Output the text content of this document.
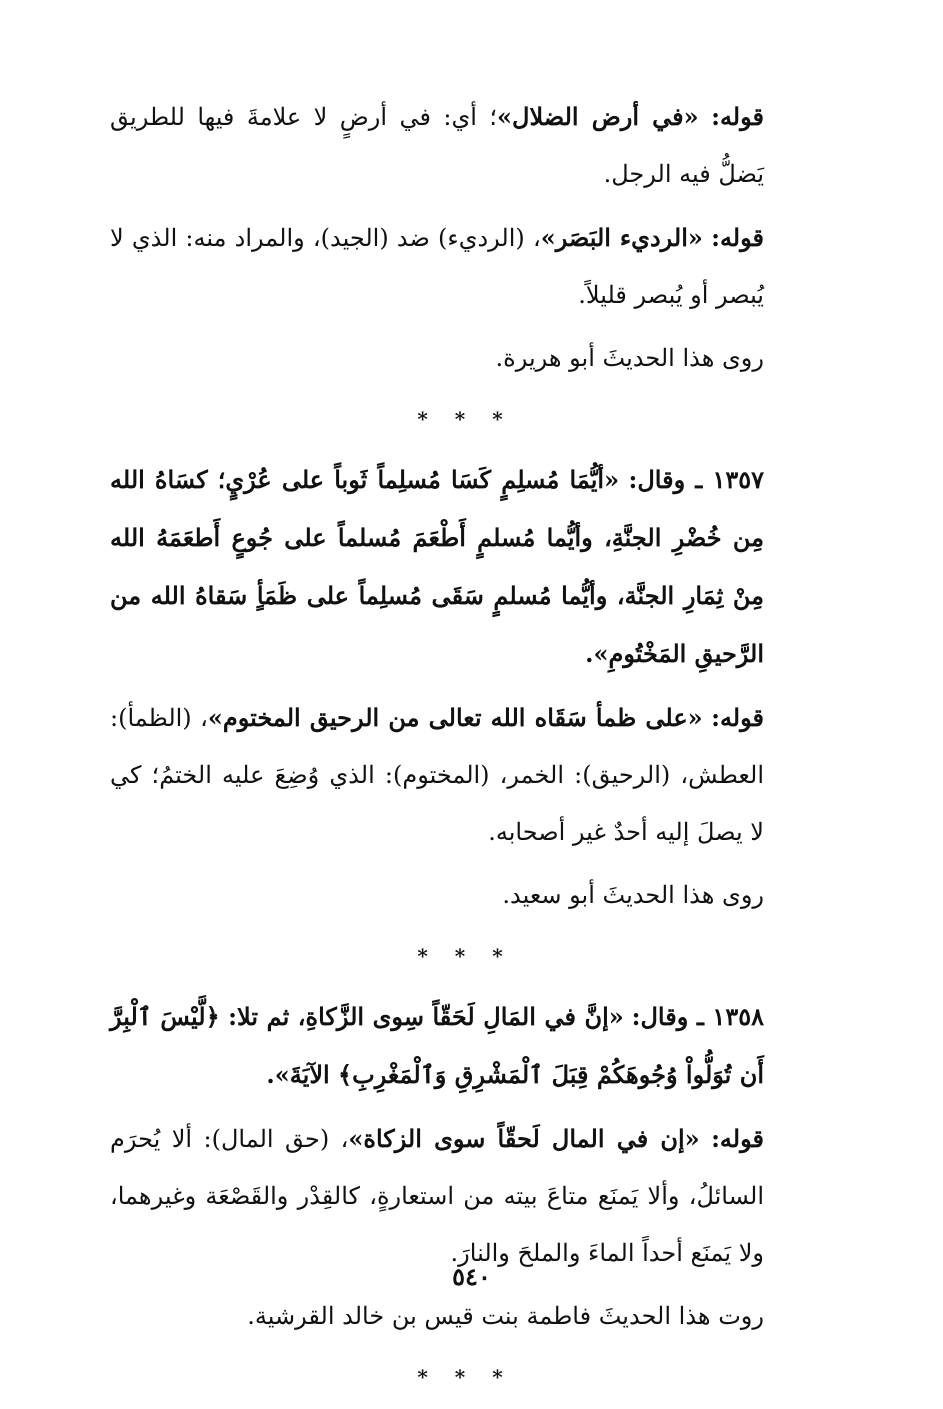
قوله: «في أرض الضلال»؛ أي: في أرضٍ لا علامةَ فيها للطريق يَضلُّ فيه الرجل.

قوله: «الرديء البَصَر»، (الرديء) ضد (الجيد)، والمراد منه: الذي لا يُبصر أو يُبصر قليلاً.

روى هذا الحديثَ أبو هريرة.

* * *

١٣٥٧ ـ وقال: «أيُّمَا مُسلِمٍ كَسَا مُسلِماً ثَوباً على عُرْيٍ؛ كسَاهُ الله مِن خُضْرِ الجنَّةِ، وأيُّما مُسلمٍ أَطْعَمَ مُسلماً على جُوعٍ أَطعَمَهُ الله مِنْ ثِمَارِ الجنَّة، وأيُّما مُسلمٍ سَقَى مُسلِماً على ظَمَأٍ سَقاهُ الله من الرَّحيقِ المَخْتُومِ».

قوله: «على ظمأ سَقَاه الله تعالى من الرحيق المختوم»، (الظمأ): العطش، (الرحيق): الخمر، (المختوم): الذي وُضِعَ عليه الختمُ؛ كي لا يصلَ إليه أحدٌ غير أصحابه.

روى هذا الحديثَ أبو سعيد.

* * *

١٣٥٨ ـ وقال: «إنَّ في المَالِ لَحَقّاً سِوى الزَّكاةِ، ثم تلا: ﴿لَّيْسَ ٱلْبِرَّ أَن تُوَلُّواْ وُجُوهَكُمْ قِبَلَ ٱلْمَشْرِقِ وَٱلْمَغْرِبِ﴾ الآيَةَ».

قوله: «إن في المال لَحقّاً سوى الزكاة»، (حق المال): ألا يُحرَم السائلُ، وألا يَمنَع متاعَ بيته من استعارةٍ، كالقِدْر والقَصْعَة وغيرهما، ولا يَمنَع أحداً الماءَ والملحَ والنارَ.

روت هذا الحديثَ فاطمة بنت قيس بن خالد القرشية.

* * *

٥٤٠
